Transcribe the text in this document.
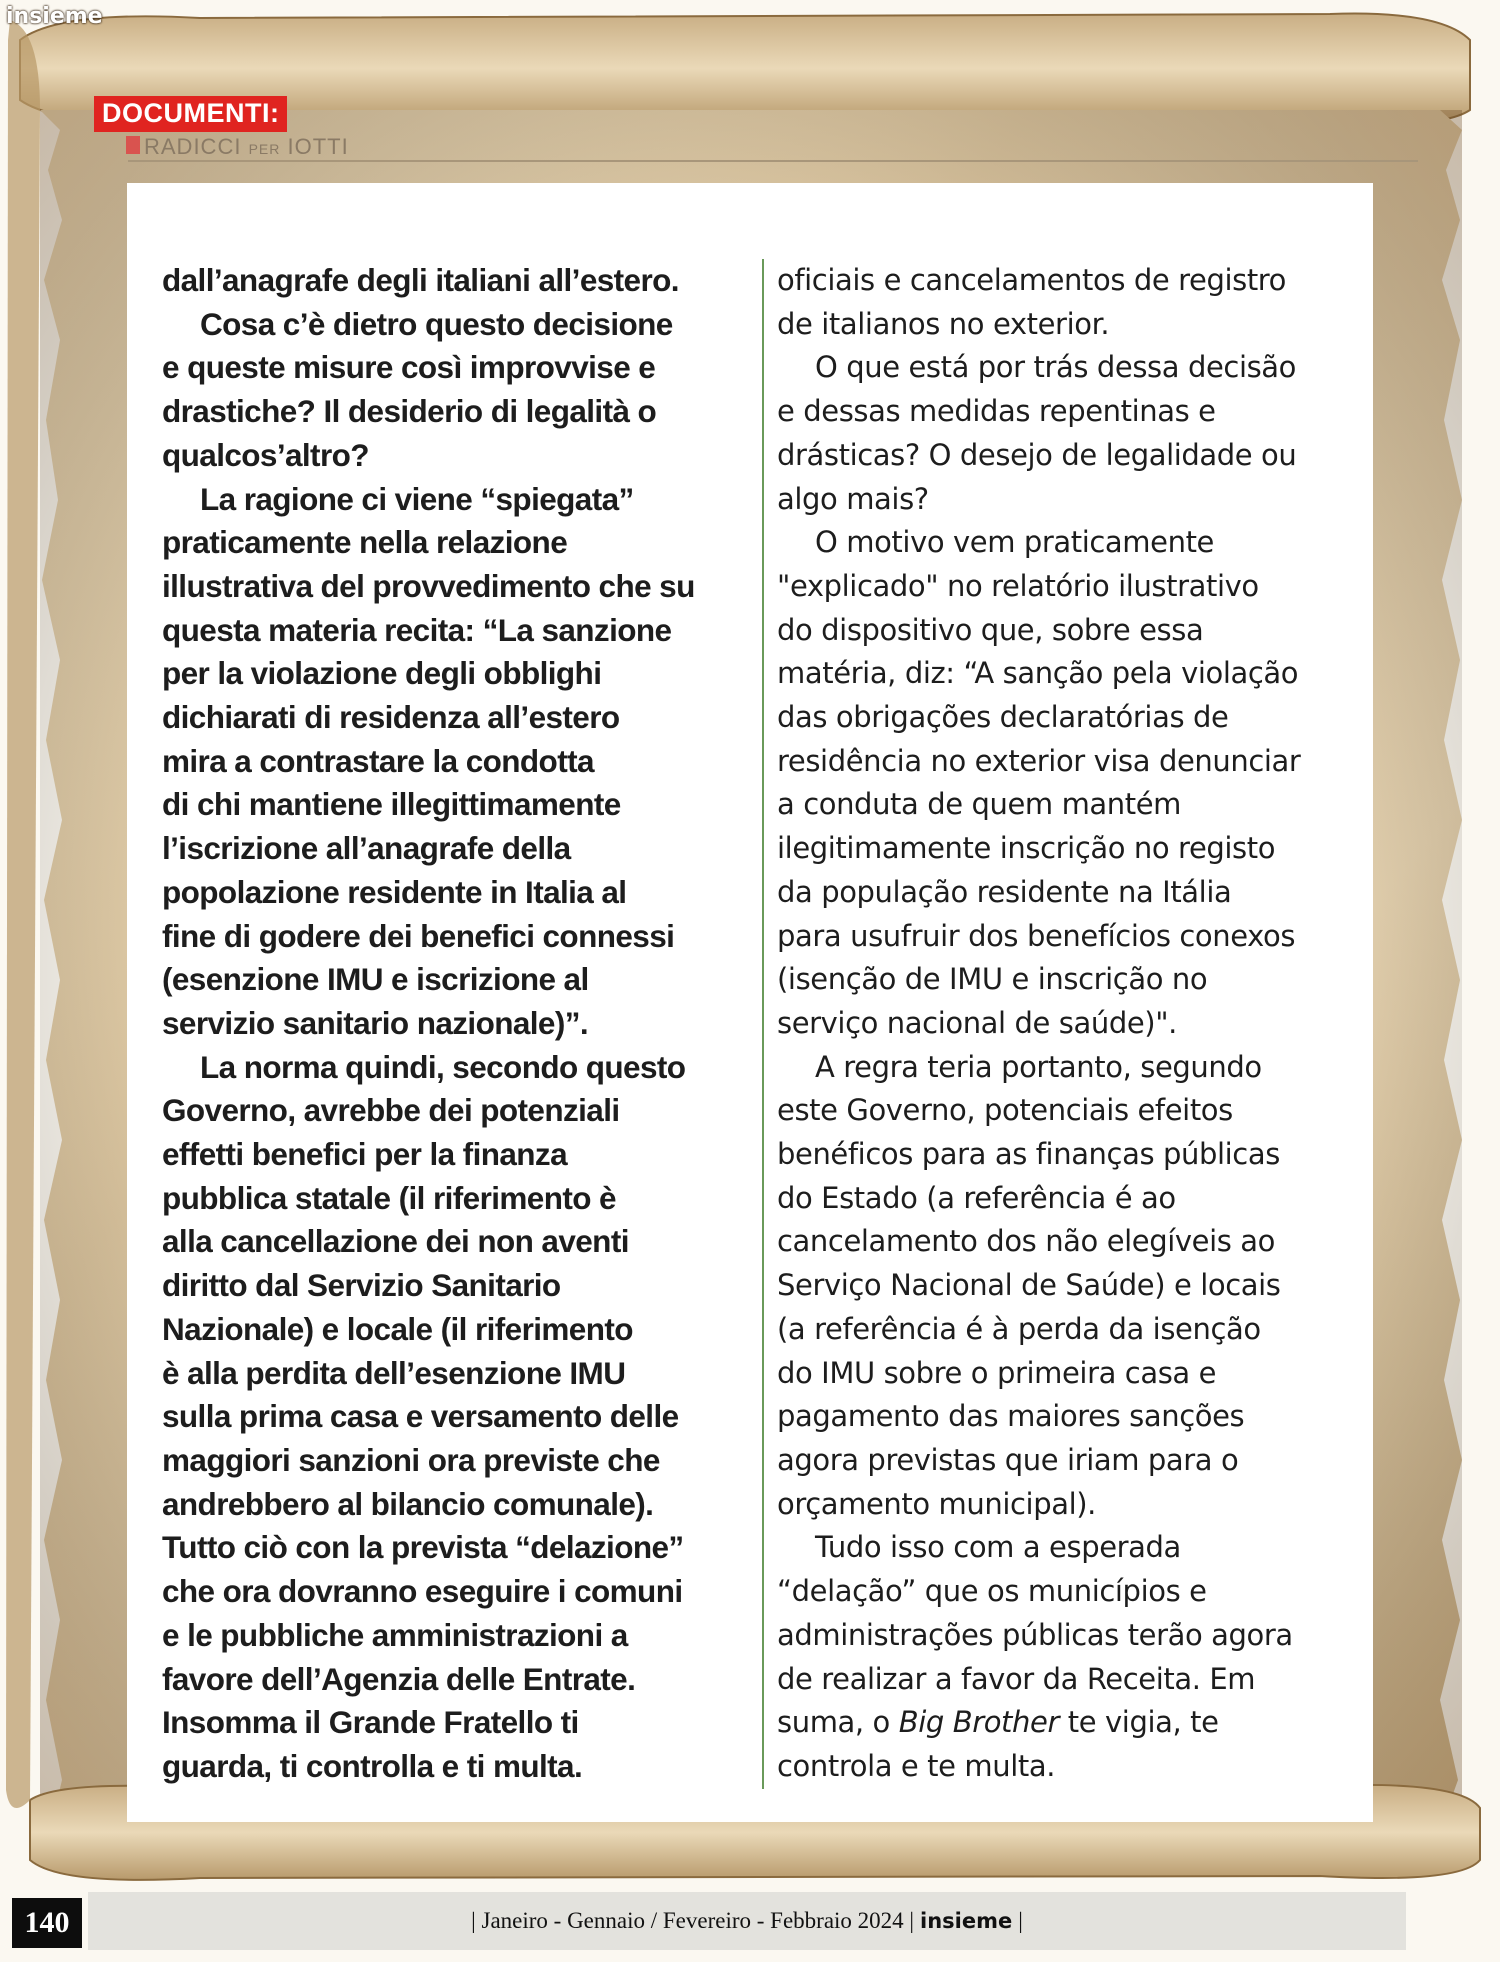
insieme
DOCUMENTI:
RADICCI PER IOTTI

dall’anagrafe degli italiani all’estero.

Cosa c’è dietro questo decisione
e queste misure così improvvise e
drastiche? Il desiderio di legalità o
qualcos’altro?

La ragione ci viene “spiegata”
praticamente nella relazione
illustrativa del provvedimento che su
questa materia recita: “La sanzione
per la violazione degli obblighi
dichiarati di residenza all’estero
mira a contrastare la condotta
di chi mantiene illegittimamente
l’iscrizione all’anagrafe della
popolazione residente in Italia al
fine di godere dei benefici connessi
(esenzione IMU e iscrizione al
servizio sanitario nazionale)”.

La norma quindi, secondo questo
Governo, avrebbe dei potenziali
effetti benefici per la finanza
pubblica statale (il riferimento è
alla cancellazione dei non aventi
diritto dal Servizio Sanitario
Nazionale) e locale (il riferimento
è alla perdita dell’esenzione IMU
sulla prima casa e versamento delle
maggiori sanzioni ora previste che
andrebbero al bilancio comunale).
Tutto ciò con la prevista “delazione”
che ora dovranno eseguire i comuni
e le pubbliche amministrazioni a
favore dell’Agenzia delle Entrate.
Insomma il Grande Fratello ti
guarda, ti controlla e ti multa.

oficiais e cancelamentos de registro
de italianos no exterior.

O que está por trás dessa decisão
e dessas medidas repentinas e
drásticas? O desejo de legalidade ou
algo mais?

O motivo vem praticamente
"explicado" no relatório ilustrativo
do dispositivo que, sobre essa
matéria, diz: “A sanção pela violação
das obrigações declaratórias de
residência no exterior visa denunciar
a conduta de quem mantém
ilegitimamente inscrição no registo
da população residente na Itália
para usufruir dos benefícios conexos
(isenção de IMU e inscrição no
serviço nacional de saúde)".

A regra teria portanto, segundo
este Governo, potenciais efeitos
benéficos para as finanças públicas
do Estado (a referência é ao
cancelamento dos não elegíveis ao
Serviço Nacional de Saúde) e locais
(a referência é à perda da isenção
do IMU sobre o primeira casa e
pagamento das maiores sanções
agora previstas que iriam para o
orçamento municipal).

Tudo isso com a esperada
“delação” que os municípios e
administrações públicas terão agora
de realizar a favor da Receita. Em
suma, o Big Brother te vigia, te
controla e te multa.

140	| Janeiro - Gennaio / Fevereiro - Febbraio 2024 | insieme |
